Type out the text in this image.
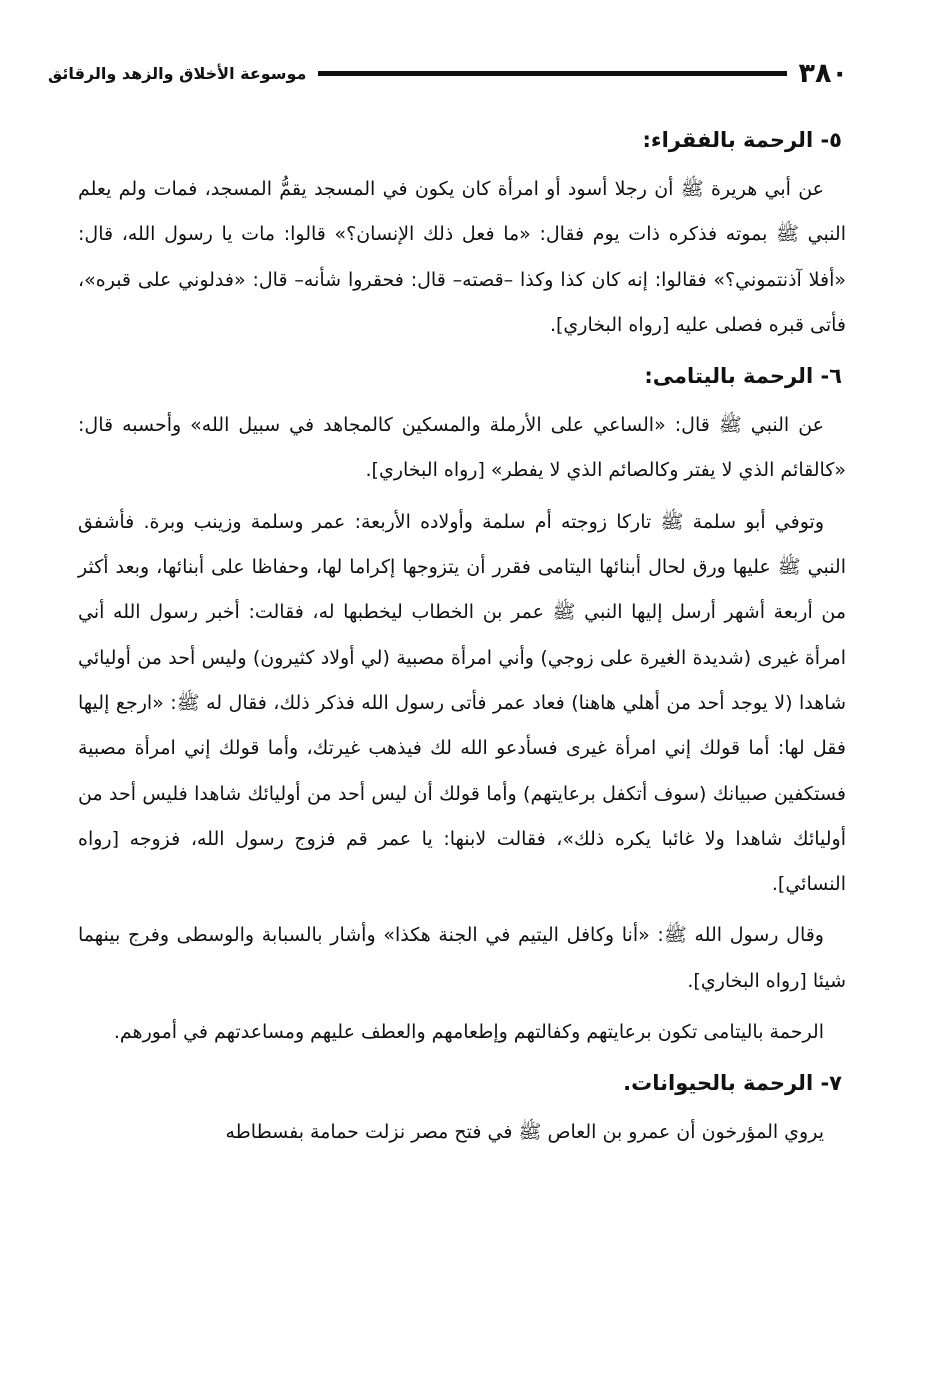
٣٨٠
موسوعة الأخلاق والزهد والرقائق
٥- الرحمة بالفقراء:

عن أبي هريرة ﷺ أن رجلا أسود أو امرأة كان يكون في المسجد يقمُّ المسجد، فمات ولم يعلم النبي ﷺ بموته فذكره ذات يوم فقال: «ما فعل ذلك الإنسان؟» قالوا: مات يا رسول الله، قال: «أفلا آذنتموني؟» فقالوا: إنه كان كذا وكذا –قصته– قال: فحقروا شأنه– قال: «فدلوني على قبره»، فأتى قبره فصلى عليه [رواه البخاري].

٦- الرحمة باليتامى:

عن النبي ﷺ قال: «الساعي على الأرملة والمسكين كالمجاهد في سبيل الله» وأحسبه قال: «كالقائم الذي لا يفتر وكالصائم الذي لا يفطر» [رواه البخاري].

وتوفي أبو سلمة ﷺ تاركا زوجته أم سلمة وأولاده الأربعة: عمر وسلمة وزينب وبرة. فأشفق النبي ﷺ عليها ورق لحال أبنائها اليتامى فقرر أن يتزوجها إكراما لها، وحفاظا على أبنائها، وبعد أكثر من أربعة أشهر أرسل إليها النبي ﷺ عمر بن الخطاب ليخطبها له، فقالت: أخبر رسول الله أني امرأة غيرى (شديدة الغيرة على زوجي) وأني امرأة مصبية (لي أولاد كثيرون) وليس أحد من أوليائي شاهدا (لا يوجد أحد من أهلي هاهنا) فعاد عمر فأتى رسول الله فذكر ذلك، فقال له ﷺ: «ارجع إليها فقل لها: أما قولك إني امرأة غيرى فسأدعو الله لك فيذهب غيرتك، وأما قولك إني امرأة مصبية فستكفين صبيانك (سوف أتكفل برعايتهم) وأما قولك أن ليس أحد من أوليائك شاهدا فليس أحد من أوليائك شاهدا ولا غائبا يكره ذلك»، فقالت لابنها: يا عمر قم فزوج رسول الله، فزوجه [رواه النسائي].

وقال رسول الله ﷺ: «أنا وكافل اليتيم في الجنة هكذا» وأشار بالسبابة والوسطى وفرج بينهما شيئا [رواه البخاري].

الرحمة باليتامى تكون برعايتهم وكفالتهم وإطعامهم والعطف عليهم ومساعدتهم في أمورهم.

٧- الرحمة بالحيوانات.

يروي المؤرخون أن عمرو بن العاص ﷺ في فتح مصر نزلت حمامة بفسطاطه
